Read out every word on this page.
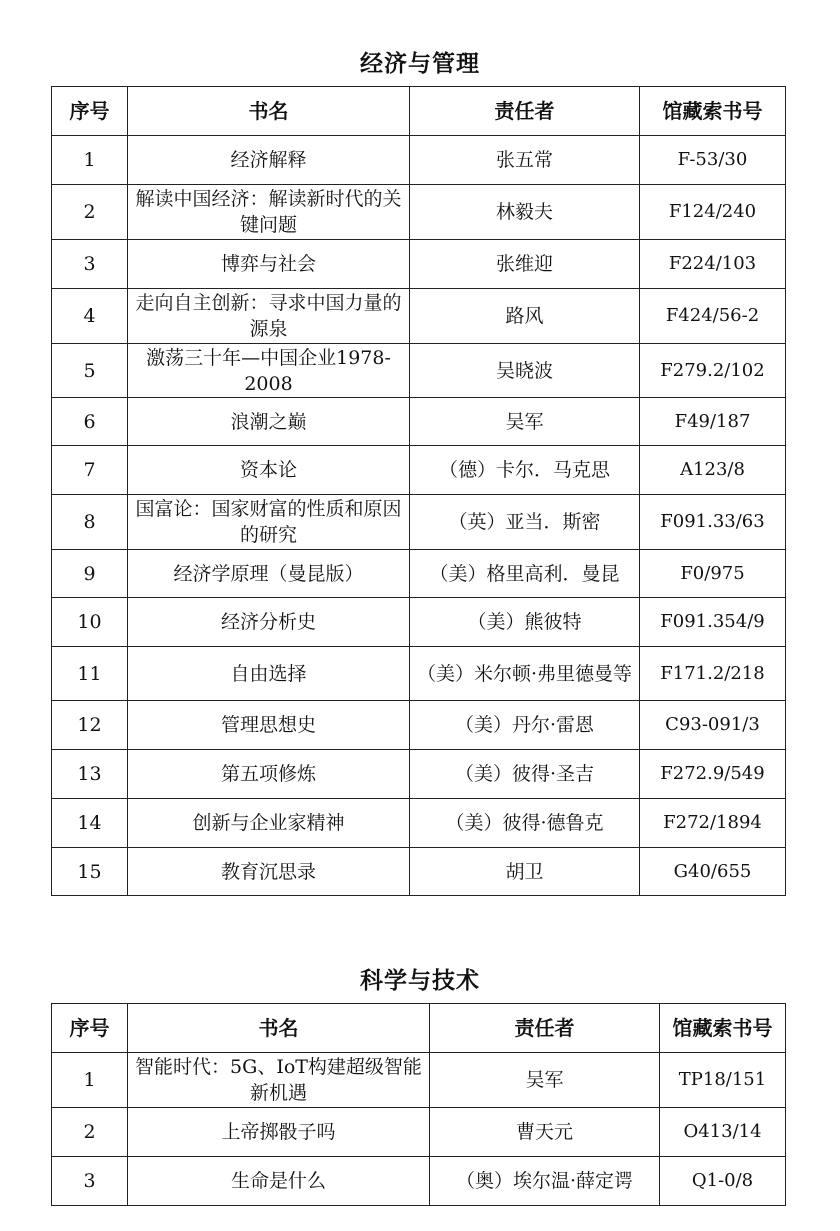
经济与管理
序号	书名	责任者	馆藏索书号
1	经济解释	张五常	F-53/30
2	解读中国经济：解读新时代的关键问题	林毅夫	F124/240
3	博弈与社会	张维迎	F224/103
4	走向自主创新：寻求中国力量的源泉	路风	F424/56-2
5	激荡三十年—中国企业1978-2008	吴晓波	F279.2/102
6	浪潮之巅	吴军	F49/187
7	资本论	（德）卡尔．马克思	A123/8
8	国富论：国家财富的性质和原因的研究	（英）亚当．斯密	F091.33/63
9	经济学原理（曼昆版）	（美）格里高利．曼昆	F0/975
10	经济分析史	（美）熊彼特	F091.354/9
11	自由选择	（美）米尔顿·弗里德曼等	F171.2/218
12	管理思想史	（美）丹尔·雷恩	C93-091/3
13	第五项修炼	（美）彼得·圣吉	F272.9/549
14	创新与企业家精神	（美）彼得·德鲁克	F272/1894
15	教育沉思录	胡卫	G40/655
科学与技术
序号	书名	责任者	馆藏索书号
1	智能时代：5G、IoT构建超级智能新机遇	吴军	TP18/151
2	上帝掷骰子吗	曹天元	O413/14
3	生命是什么	（奥）埃尔温·薛定谔	Q1-0/8
